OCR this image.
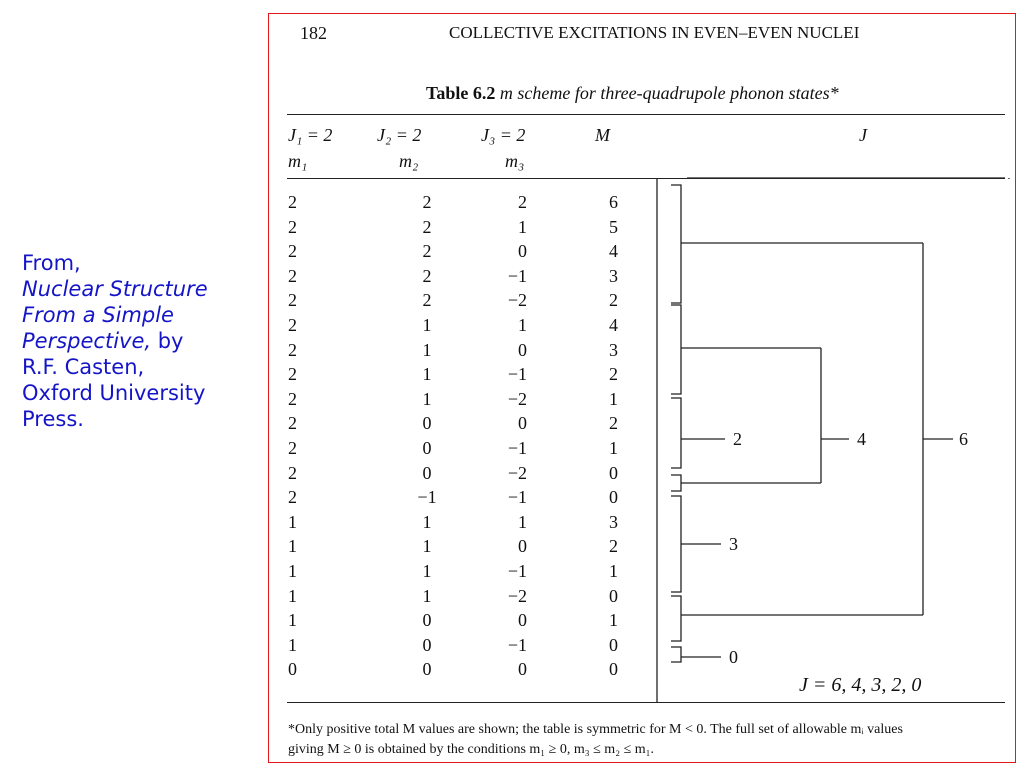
From,
Nuclear Structure
From a Simple
Perspective, by
R.F. Casten,
Oxford University
Press.
182	COLLECTIVE EXCITATIONS IN EVEN–EVEN NUCLEI
Table 6.2 m scheme for three-quadrupole phonon states*
J₁ = 2 J₂ = 2	J₃ = 2	M	J
m₁	m₂	m₃
2	2	2	6
2	2	1	5
2	2	0	4
2	2	−1	3
2	2	−2	2
2	1	1	4
2	1	0	3
2	1	−1	2
2	1	−2	1
2	0	0	2
2	0	−1	1
2	0	−2	0
2	−1	−1	0
1	1	1	3
1	1	0	2
1	1	−1	1
1	1	−2	0
1	0	0	1
1	0	−1	0
0	0	0	0
2	4	6
3
0
J = 6, 4, 3, 2, 0
*Only positive total M values are shown; the table is symmetric for M < 0. The full set of allowable mᵢ values
giving M ≥ 0 is obtained by the conditions m₁ ≥ 0, m₃ ≤ m₂ ≤ m₁.
